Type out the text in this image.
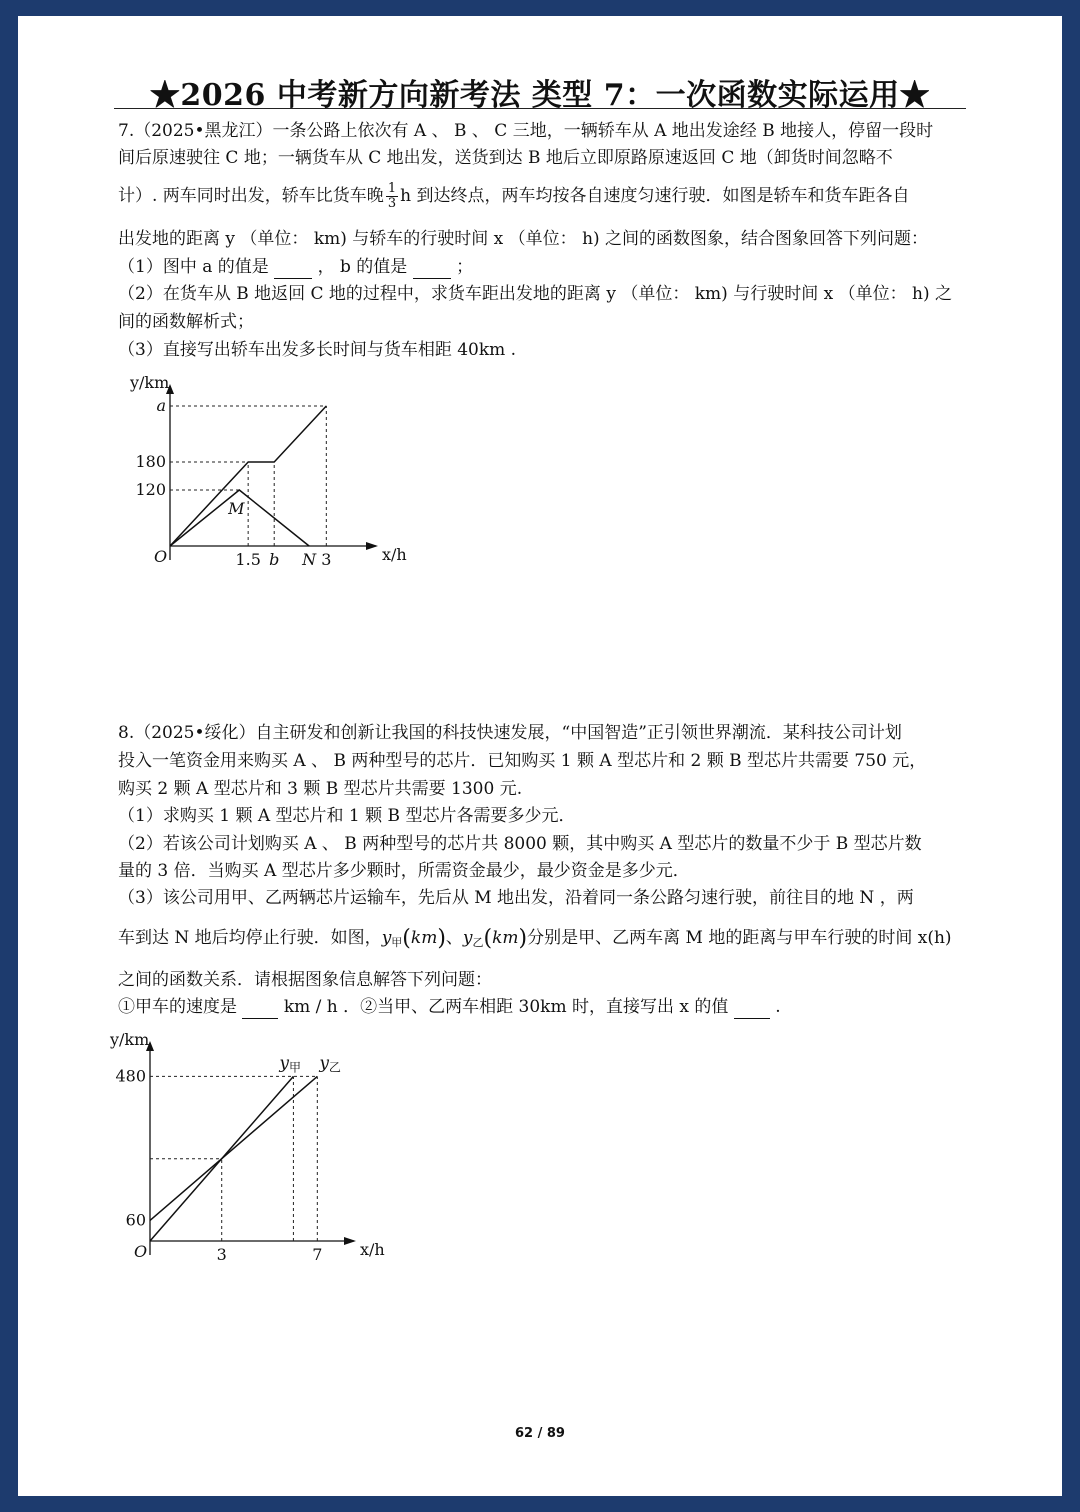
★2026 中考新方向新考法 类型 7：一次函数实际运用★
7.（2025•黑龙江）一条公路上依次有 A 、 B 、 C 三地，一辆轿车从 A 地出发途经 B 地接人，停留一段时
间后原速驶往 C 地；一辆货车从 C 地出发，送货到达 B 地后立即原路原速返回 C 地（卸货时间忽略不
计）. 两车同时出发，轿车比货车晚 $\frac{1}{3}$ h 到达终点，两车均按各自速度匀速行驶．如图是轿车和货车距各自
出发地的距离 y （单位： km) 与轿车的行驶时间 x （单位： h) 之间的函数图象，结合图象回答下列问题：
（1）图中 a 的值是	， b 的值是	；
（2）在货车从 B 地返回 C 地的过程中，求货车距出发地的距离 y （单位： km) 与行驶时间 x （单位： h) 之
间的函数解析式；
（3）直接写出轿车出发多长时间与货车相距 40km .
y/km
x/h
O	1.5 b N 3
120
180
a
M
8.（2025•绥化）自主研发和创新让我国的科技快速发展，“中国智造”正引领世界潮流．某科技公司计划
投入一笔资金用来购买 A 、 B 两种型号的芯片．已知购买 1 颗 A 型芯片和 2 颗 B 型芯片共需要 750 元，
购买 2 颗 A 型芯片和 3 颗 B 型芯片共需要 1300 元.
（1）求购买 1 颗 A 型芯片和 1 颗 B 型芯片各需要多少元．
（2）若该公司计划购买 A 、 B 两种型号的芯片共 8000 颗，其中购买 A 型芯片的数量不少于 B 型芯片数
量的 3 倍．当购买 A 型芯片多少颗时，所需资金最少，最少资金是多少元．
（3）该公司用甲、乙两辆芯片运输车，先后从 M 地出发，沿着同一条公路匀速行驶，前往目的地 N ，两
车到达 N 地后均停止行驶．如图，$y_甲(km)$、$y_乙(km)$分别是甲、乙两车离 M 地的距离与甲车行驶的时间 x(h)
之间的函数关系．请根据图象信息解答下列问题：
①甲车的速度是	km / h ．②当甲、乙两车相距 30km 时，直接写出 x 的值	.
y/km
x/h
O	3	7
60
480
y甲 y乙
62 / 89
